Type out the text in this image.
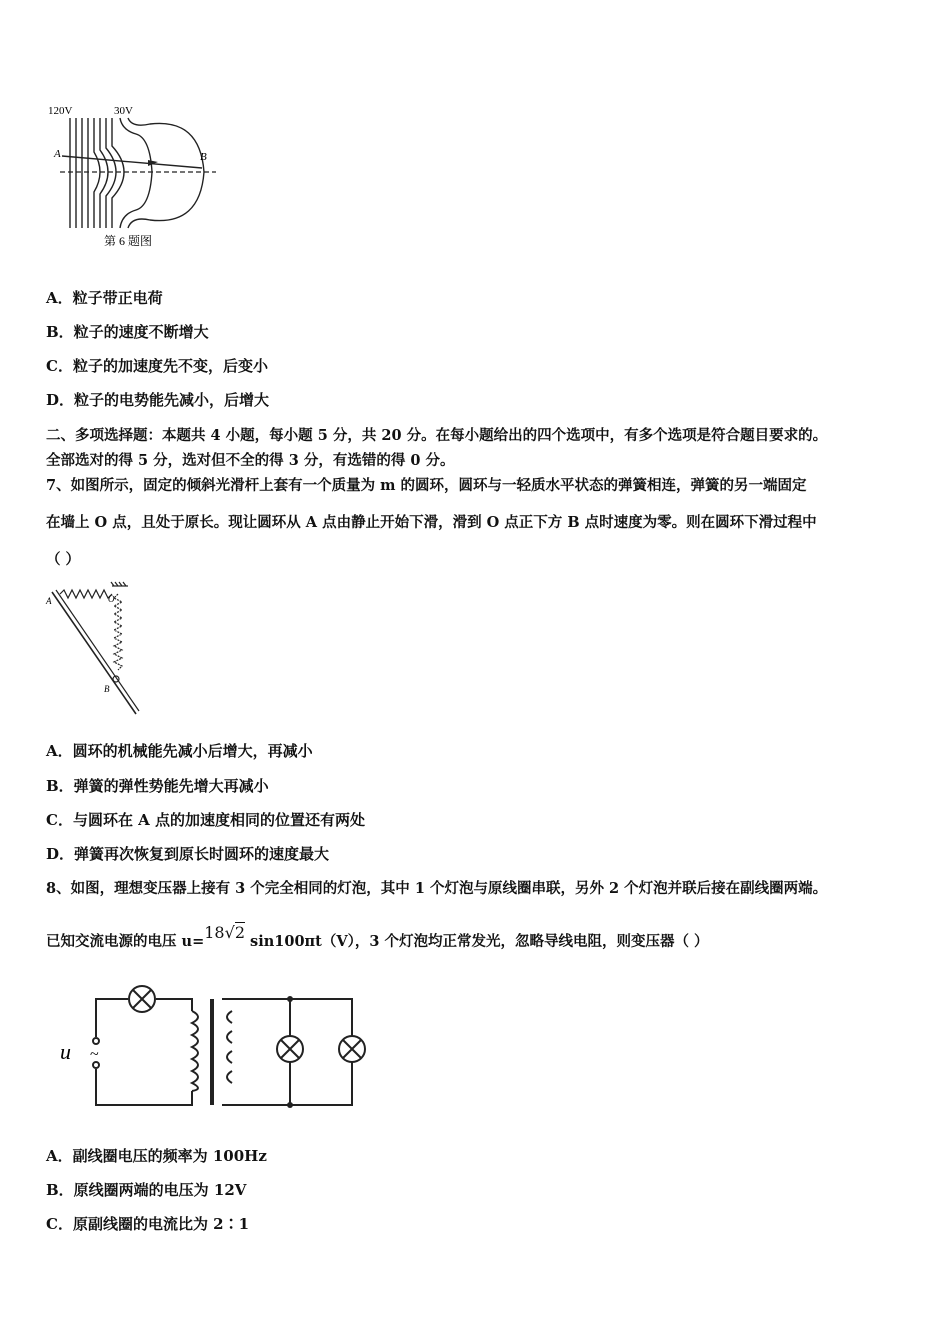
120V	30V
A	B
第 6 题图
A．粒子带正电荷
B．粒子的速度不断增大
C．粒子的加速度先不变，后变小
D．粒子的电势能先减小，后增大
二、多项选择题：本题共 4 小题，每小题 5 分，共 20 分。在每小题给出的四个选项中，有多个选项是符合题目要求的。
全部选对的得 5 分，选对但不全的得 3 分，有选错的得 0 分。
7、如图所示，固定的倾斜光滑杆上套有一个质量为 m 的圆环，圆环与一轻质水平状态的弹簧相连，弹簧的另一端固定
在墙上 O 点，且处于原长。现让圆环从 A 点由静止开始下滑，滑到 O 点正下方 B 点时速度为零。则在圆环下滑过程中
（ ）
A	O
B
A．圆环的机械能先减小后增大，再减小
B．弹簧的弹性势能先增大再减小
C．与圆环在 A 点的加速度相同的位置还有两处
D．弹簧再次恢复到原长时圆环的速度最大
8、如图，理想变压器上接有 3 个完全相同的灯泡，其中 1 个灯泡与原线圈串联，另外 2 个灯泡并联后接在副线圈两端。
已知交流电源的电压 u=18√2 sin100πt（V），3 个灯泡均正常发光，忽略导线电阻，则变压器（ ）
u ~
A．副线圈电压的频率为 100Hz
B．原线圈两端的电压为 12V
C．原副线圈的电流比为 2∶1
